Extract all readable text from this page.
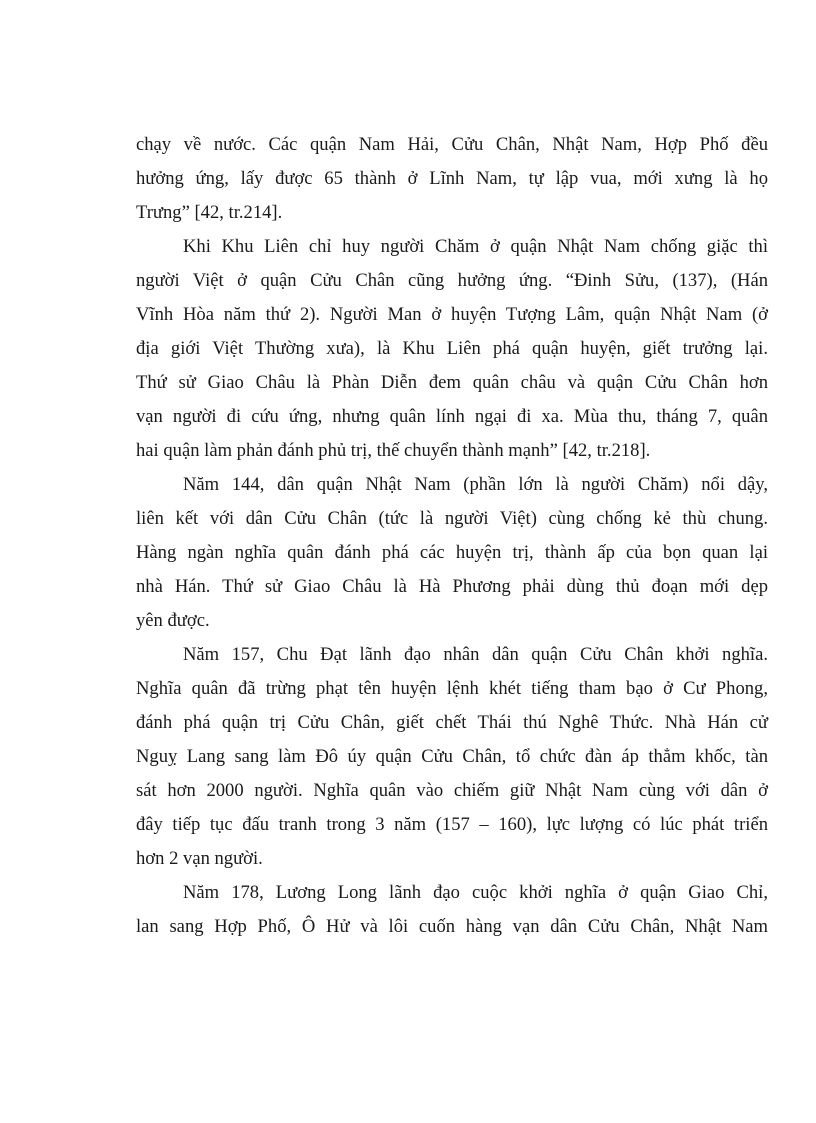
chạy về nước. Các quận Nam Hải, Cửu Chân, Nhật Nam, Hợp Phố đều
hưởng ứng, lấy được 65 thành ở Lĩnh Nam, tự lập vua, mới xưng là họ
Trưng” [42, tr.214].
Khi Khu Liên chỉ huy người Chăm ở quận Nhật Nam chống giặc thì
người Việt ở quận Cửu Chân cũng hưởng ứng. “Đinh Sửu, (137), (Hán
Vĩnh Hòa năm thứ 2). Người Man ở huyện Tượng Lâm, quận Nhật Nam (ở
địa giới Việt Thường xưa), là Khu Liên phá quận huyện, giết trưởng lại.
Thứ sử Giao Châu là Phàn Diễn đem quân châu và quận Cửu Chân hơn
vạn người đi cứu ứng, nhưng quân lính ngại đi xa. Mùa thu, tháng 7, quân
hai quận làm phản đánh phủ trị, thế chuyển thành mạnh” [42, tr.218].
Năm 144, dân quận Nhật Nam (phần lớn là người Chăm) nổi dậy,
liên kết với dân Cửu Chân (tức là người Việt) cùng chống kẻ thù chung.
Hàng ngàn nghĩa quân đánh phá các huyện trị, thành ấp của bọn quan lại
nhà Hán. Thứ sử Giao Châu là Hà Phương phải dùng thủ đoạn mới dẹp
yên được.
Năm 157, Chu Đạt lãnh đạo nhân dân quận Cửu Chân khởi nghĩa.
Nghĩa quân đã trừng phạt tên huyện lệnh khét tiếng tham bạo ở Cư Phong,
đánh phá quận trị Cửu Chân, giết chết Thái thú Nghê Thức. Nhà Hán cử
Nguỵ Lang sang làm Đô úy quận Cửu Chân, tổ chức đàn áp thẳm khốc, tàn
sát hơn 2000 người. Nghĩa quân vào chiếm giữ Nhật Nam cùng với dân ở
đây tiếp tục đấu tranh trong 3 năm (157 – 160), lực lượng có lúc phát triển
hơn 2 vạn người.
Năm 178, Lương Long lãnh đạo cuộc khởi nghĩa ở quận Giao Chỉ,
lan sang Hợp Phố, Ô Hử và lôi cuốn hàng vạn dân Cửu Chân, Nhật Nam
